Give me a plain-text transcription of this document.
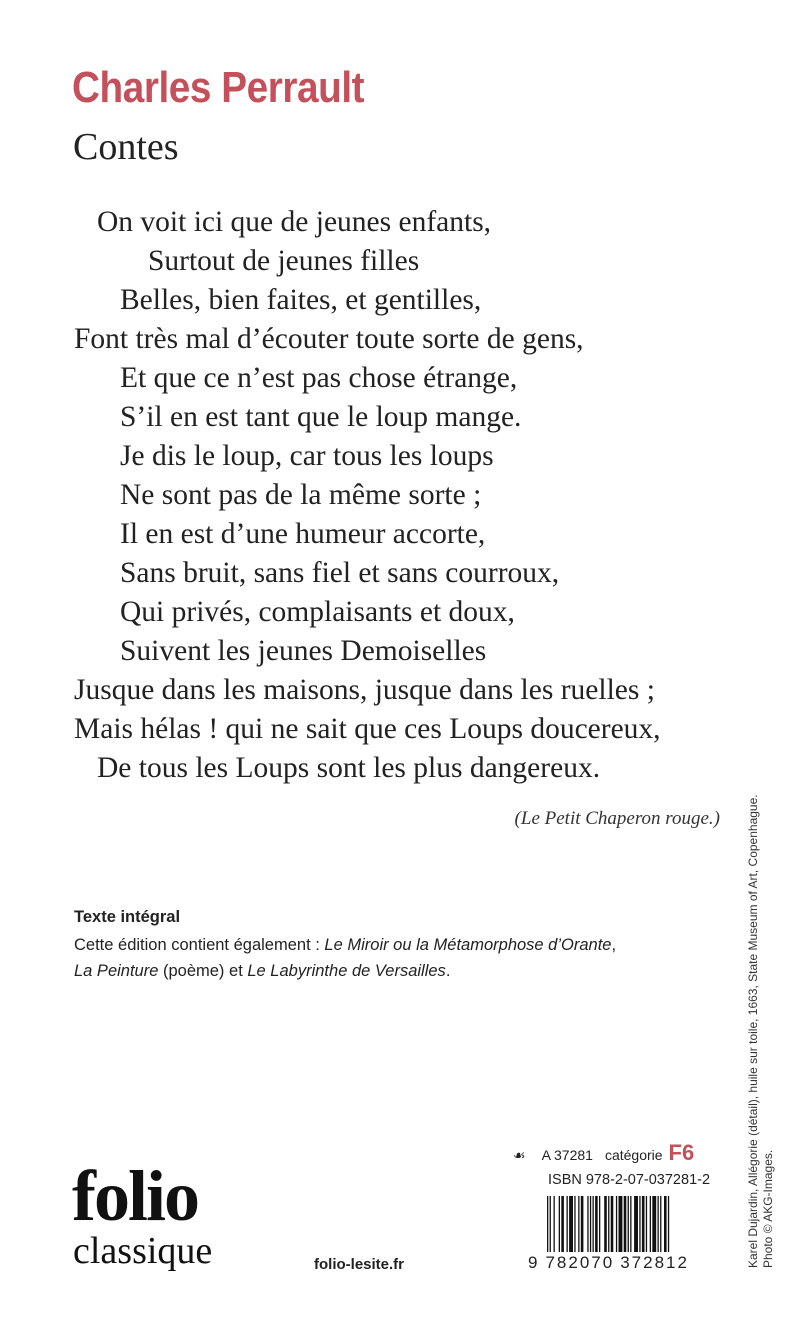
Charles Perrault
Contes
On voit ici que de jeunes enfants,
Surtout de jeunes filles
Belles, bien faites, et gentilles,
Font très mal d’écouter toute sorte de gens,
Et que ce n’est pas chose étrange,
S’il en est tant que le loup mange.
Je dis le loup, car tous les loups
Ne sont pas de la même sorte ;
Il en est d’une humeur accorte,
Sans bruit, sans fiel et sans courroux,
Qui privés, complaisants et doux,
Suivent les jeunes Demoiselles
Jusque dans les maisons, jusque dans les ruelles ;
Mais hélas ! qui ne sait que ces Loups doucereux,
De tous les Loups sont les plus dangereux.
(Le Petit Chaperon rouge.)
Texte intégral
Cette édition contient également : Le Miroir ou la Métamorphose d’Orante,
La Peinture (poème) et Le Labyrinthe de Versailles.	Karel Dujardin, Allégorie (détail), huile sur toile, 1663, State Museum of Art, Copenhague. Photo © AKG-Images.
folio
classique	folio-lesite.fr
☙ A 37281 catégorie F6
ISBN 978-2-07-037281-2
9 782070 372812
